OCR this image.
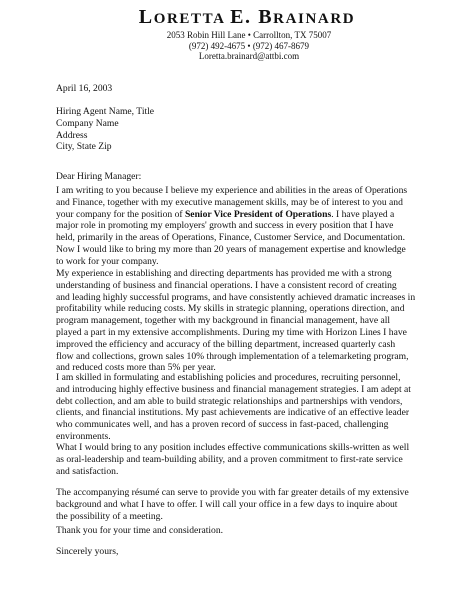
LORETTA E. BRAINARD
2053 Robin Hill Lane • Carrollton, TX 75007
(972) 492-4675 • (972) 467-8679
Loretta.brainard@attbi.com
April 16, 2003
Hiring Agent Name, Title
Company Name
Address
City, State Zip
Dear Hiring Manager:
I am writing to you because I believe my experience and abilities in the areas of Operations
and Finance, together with my executive management skills, may be of interest to you and
your company for the position of Senior Vice President of Operations. I have played a
major role in promoting my employers' growth and success in every position that I have
held, primarily in the areas of Operations, Finance, Customer Service, and Documentation.
Now I would like to bring my more than 20 years of management expertise and knowledge
to work for your company.
My experience in establishing and directing departments has provided me with a strong
understanding of business and financial operations. I have a consistent record of creating
and leading highly successful programs, and have consistently achieved dramatic increases in
profitability while reducing costs. My skills in strategic planning, operations direction, and
program management, together with my background in financial management, have all
played a part in my extensive accomplishments. During my time with Horizon Lines I have
improved the efficiency and accuracy of the billing department, increased quarterly cash
flow and collections, grown sales 10% through implementation of a telemarketing program,
and reduced costs more than 5% per year.
I am skilled in formulating and establishing policies and procedures, recruiting personnel,
and introducing highly effective business and financial management strategies. I am adept at
debt collection, and am able to build strategic relationships and partnerships with vendors,
clients, and financial institutions. My past achievements are indicative of an effective leader
who communicates well, and has a proven record of success in fast-paced, challenging
environments.
What I would bring to any position includes effective communications skills-written as well
as oral-leadership and team-building ability, and a proven commitment to first-rate service
and satisfaction.
The accompanying résumé can serve to provide you with far greater details of my extensive
background and what I have to offer. I will call your office in a few days to inquire about
the possibility of a meeting.
Thank you for your time and consideration.
Sincerely yours,
